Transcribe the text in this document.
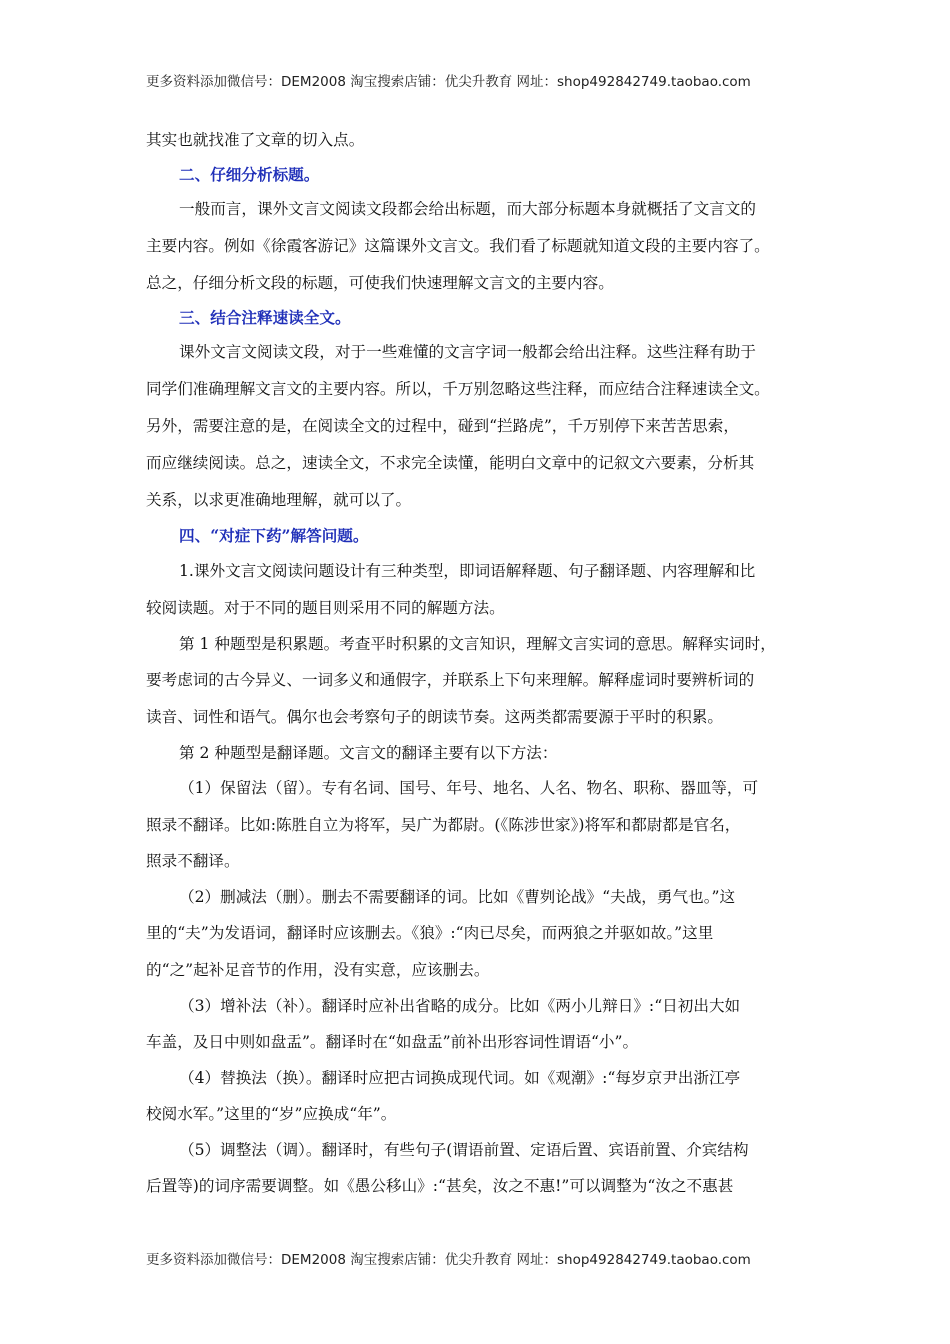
更多资料添加微信号：DEM2008 淘宝搜索店铺：优尖升教育 网址：shop492842749.taobao.com
其实也就找准了文章的切入点。
二、仔细分析标题。
一般而言，课外文言文阅读文段都会给出标题，而大部分标题本身就概括了文言文的
主要内容。例如《徐霞客游记》这篇课外文言文。我们看了标题就知道文段的主要内容了。
总之，仔细分析文段的标题，可使我们快速理解文言文的主要内容。
三、结合注释速读全文。
课外文言文阅读文段，对于一些难懂的文言字词一般都会给出注释。这些注释有助于
同学们准确理解文言文的主要内容。所以，千万别忽略这些注释，而应结合注释速读全文。
另外，需要注意的是，在阅读全文的过程中，碰到“拦路虎”，千万别停下来苦苦思索，
而应继续阅读。总之，速读全文，不求完全读懂，能明白文章中的记叙文六要素，分析其
关系，以求更准确地理解，就可以了。
四、“对症下药”解答问题。
1.课外文言文阅读问题设计有三种类型，即词语解释题、句子翻译题、内容理解和比
较阅读题。对于不同的题目则采用不同的解题方法。
第 1 种题型是积累题。考查平时积累的文言知识，理解文言实词的意思。解释实词时，
要考虑词的古今异义、一词多义和通假字，并联系上下句来理解。解释虚词时要辨析词的
读音、词性和语气。偶尔也会考察句子的朗读节奏。这两类都需要源于平时的积累。
第 2 种题型是翻译题。文言文的翻译主要有以下方法：
（1）保留法（留）。专有名词、国号、年号、地名、人名、物名、职称、器皿等，可
照录不翻译。比如:陈胜自立为将军，吴广为都尉。(《陈涉世家》)将军和都尉都是官名，
照录不翻译。
（2）删减法（删）。删去不需要翻译的词。比如《曹刿论战》“夫战，勇气也。”这
里的“夫”为发语词，翻译时应该删去。《狼》:“肉已尽矣，而两狼之并驱如故。”这里
的“之”起补足音节的作用，没有实意，应该删去。
（3）增补法（补）。翻译时应补出省略的成分。比如《两小儿辩日》:“日初出大如
车盖，及日中则如盘盂”。翻译时在“如盘盂”前补出形容词性谓语“小”。
（4）替换法（换）。翻译时应把古词换成现代词。如《观潮》:“每岁京尹出浙江亭
校阅水军。”这里的“岁”应换成“年”。
（5）调整法（调）。翻译时，有些句子(谓语前置、定语后置、宾语前置、介宾结构
后置等)的词序需要调整。如《愚公移山》:“甚矣，汝之不惠!”可以调整为“汝之不惠甚
更多资料添加微信号：DEM2008 淘宝搜索店铺：优尖升教育 网址：shop492842749.taobao.com
